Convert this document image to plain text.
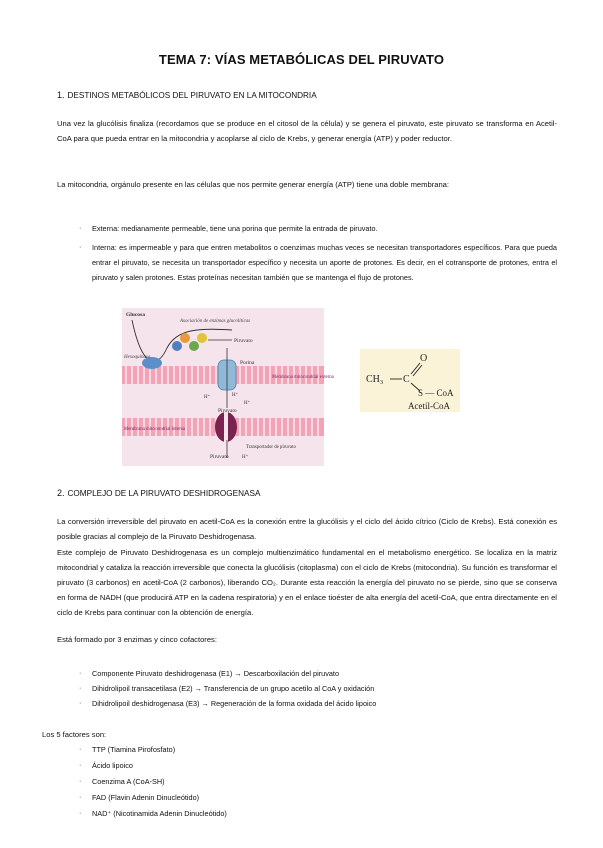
TEMA 7: VÍAS METABÓLICAS DEL PIRUVATO
1. DESTINOS METABÓLICOS DEL PIRUVATO EN LA MITOCONDRIA
Una vez la glucólisis finaliza (recordamos que se produce en el citosol de la célula) y se genera el piruvato, este piruvato se transforma en Acetil-CoA para que pueda entrar en la mitocondria y acoplarse al ciclo de Krebs, y generar energía (ATP) y poder reductor.
La mitocondria, orgánulo presente en las células que nos permite generar energía (ATP) tiene una doble membrana:
· Externa: medianamente permeable, tiene una porina que permite la entrada de piruvato.
· Interna: es impermeable y para que entren metabolitos o coenzimas muchas veces se necesitan transportadores específicos. Para que pueda entrar el piruvato, se necesita un transportador específico y necesita un aporte de protones. Es decir, en el cotransporte de protones, entra el piruvato y salen protones. Estas proteínas necesitan también que se mantenga el flujo de protones.
Glucosa
Asociación de enzimas glucolíticas
Piruvato
Hexoquinasa
Porina
Membrana mitocondrial externa
Membrana mitocondrial interna
Piruvato
Piruvato
Transportador de piruvato
H⁺
H⁺
H⁺
H⁺
CH₃ C
O
S — CoA
Acetil-CoA
2. COMPLEJO DE LA PIRUVATO DESHIDROGENASA
La conversión irreversible del piruvato en acetil-CoA es la conexión entre la glucólisis y el ciclo del ácido cítrico (Ciclo de Krebs). Está conexión es posible gracias al complejo de la Piruvato Deshidrogenasa.
Este complejo de Piruvato Deshidrogenasa es un complejo multienzimático fundamental en el metabolismo energético. Se localiza en la matriz mitocondrial y cataliza la reacción irreversible que conecta la glucólisis (citoplasma) con el ciclo de Krebs (mitocondria). Su función es transformar el piruvato (3 carbonos) en acetil-CoA (2 carbonos), liberando CO₂. Durante esta reacción la energía del piruvato no se pierde, sino que se conserva en forma de NADH (que producirá ATP en la cadena respiratoria) y en el enlace tioéster de alta energía del acetil-CoA, que entra directamente en el ciclo de Krebs para continuar con la obtención de energía.
Está formado por 3 enzimas y cinco cofactores:
· Componente Piruvato deshidrogenasa (E1) → Descarboxilación del piruvato
· Dihidrolipoil transacetilasa (E2) → Transferencia de un grupo acetilo al CoA y oxidación
· Dihidrolipoil deshidrogenasa (E3) → Regeneración de la forma oxidada del ácido lipoico
Los 5 factores son:
· TTP (Tiamina Pirofosfato)
· Ácido lipoico
· Coenzima A (CoA-SH)
· FAD (Flavin Adenin Dinucleótido)
· NAD⁺ (Nicotinamida Adenin Dinucleótido)
